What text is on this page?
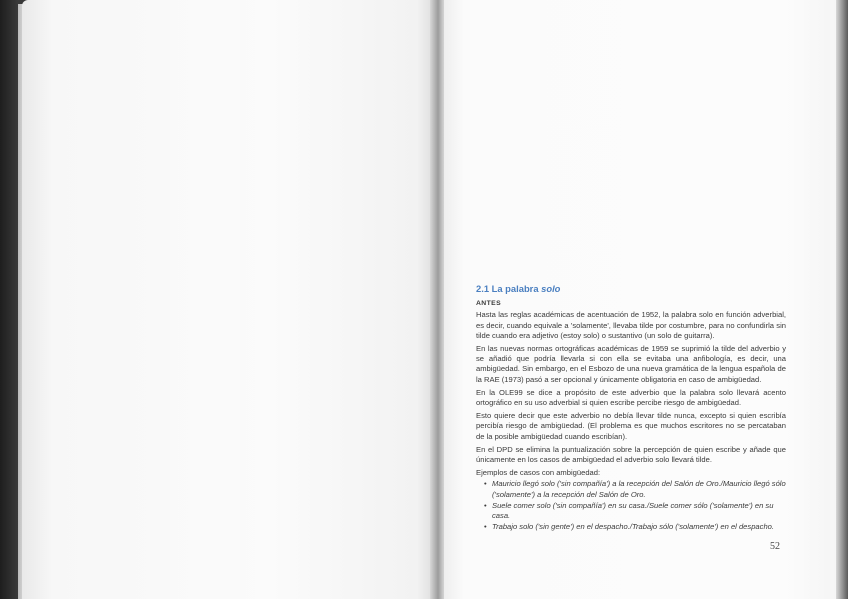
2.1 La palabra solo
ANTES

Hasta las reglas académicas de acentuación de 1952, la palabra solo en función adverbial, es decir, cuando equivale a 'solamente', llevaba tilde por costumbre, para no confundirla sin tilde cuando era adjetivo (estoy solo) o sustantivo (un solo de guitarra).

En las nuevas normas ortográficas académicas de 1959 se suprimió la tilde del adverbio y se añadió que podría llevarla si con ella se evitaba una anfibología, es decir, una ambigüedad. Sin embargo, en el Esbozo de una nueva gramática de la lengua española de la RAE (1973) pasó a ser opcional y únicamente obligatoria en caso de ambigüedad.

En la OLE99 se dice a propósito de este adverbio que la palabra solo llevará acento ortográfico en su uso adverbial si quien escribe percibe riesgo de ambigüedad.

Esto quiere decir que este adverbio no debía llevar tilde nunca, excepto si quien escribía percibía riesgo de ambigüedad. (El problema es que muchos escritores no se percataban de la posible ambigüedad cuando escribían).

En el DPD se elimina la puntualización sobre la percepción de quien escribe y añade que únicamente en los casos de ambigüedad el adverbio solo llevará tilde.

Ejemplos de casos con ambigüedad:

• Mauricio llegó solo ('sin compañía') a la recepción del Salón de Oro./Mauricio llegó sólo ('solamente') a la recepción del Salón de Oro.
• Suele comer solo ('sin compañía') en su casa./Suele comer sólo ('solamente') en su casa.
• Trabajo solo ('sin gente') en el despacho./Trabajo sólo ('solamente') en el despacho.
52
